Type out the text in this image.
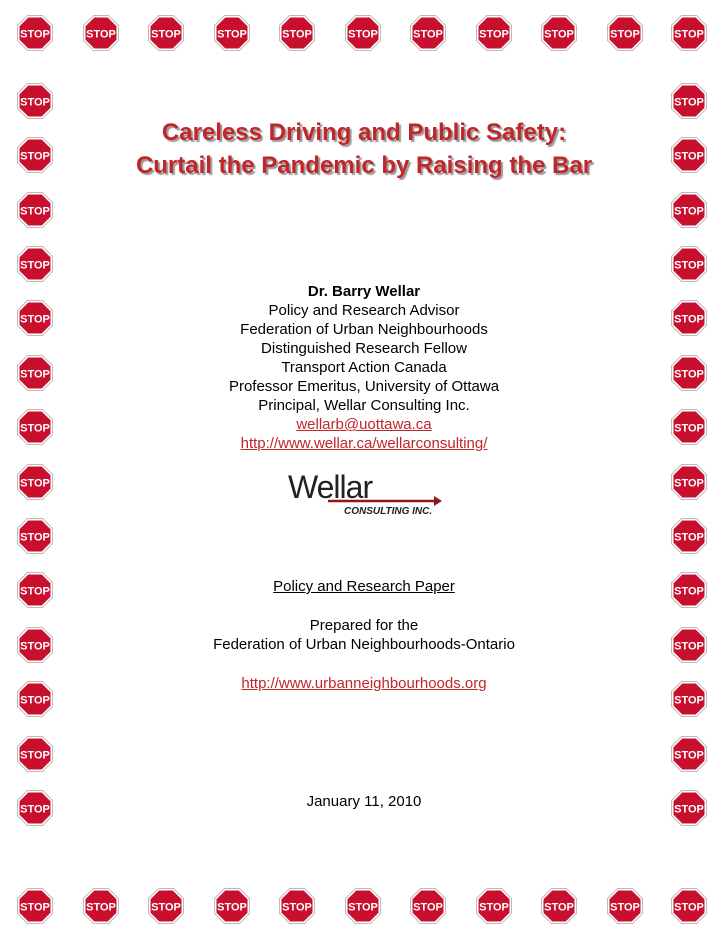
STOP
STOP
STOP
STOP
STOP
STOP
STOP
STOP
STOP
STOP
STOP
STOP
STOP
STOP
STOP
STOP
STOP
STOP
STOP
STOP
STOP
STOP
STOP	STOP
STOP	STOP
STOP	STOP
STOP	STOP
STOP	STOP
STOP	STOP
STOP	STOP
STOP	STOP
STOP	STOP
STOP	STOP
STOP	STOP
STOP	STOP
STOP	STOP
STOP	STOP
Careless Driving and Public Safety:
Curtail the Pandemic by Raising the Bar
Dr. Barry Wellar
Policy and Research Advisor
Federation of Urban Neighbourhoods
Distinguished Research Fellow
Transport Action Canada
Professor Emeritus, University of Ottawa
Principal, Wellar Consulting Inc.
wellarb@uottawa.ca
http://www.wellar.ca/wellarconsulting/
Wellar
CONSULTING INC.
Policy and Research Paper
Prepared for the
Federation of Urban Neighbourhoods-Ontario
http://www.urbanneighbourhoods.org
January 11, 2010
